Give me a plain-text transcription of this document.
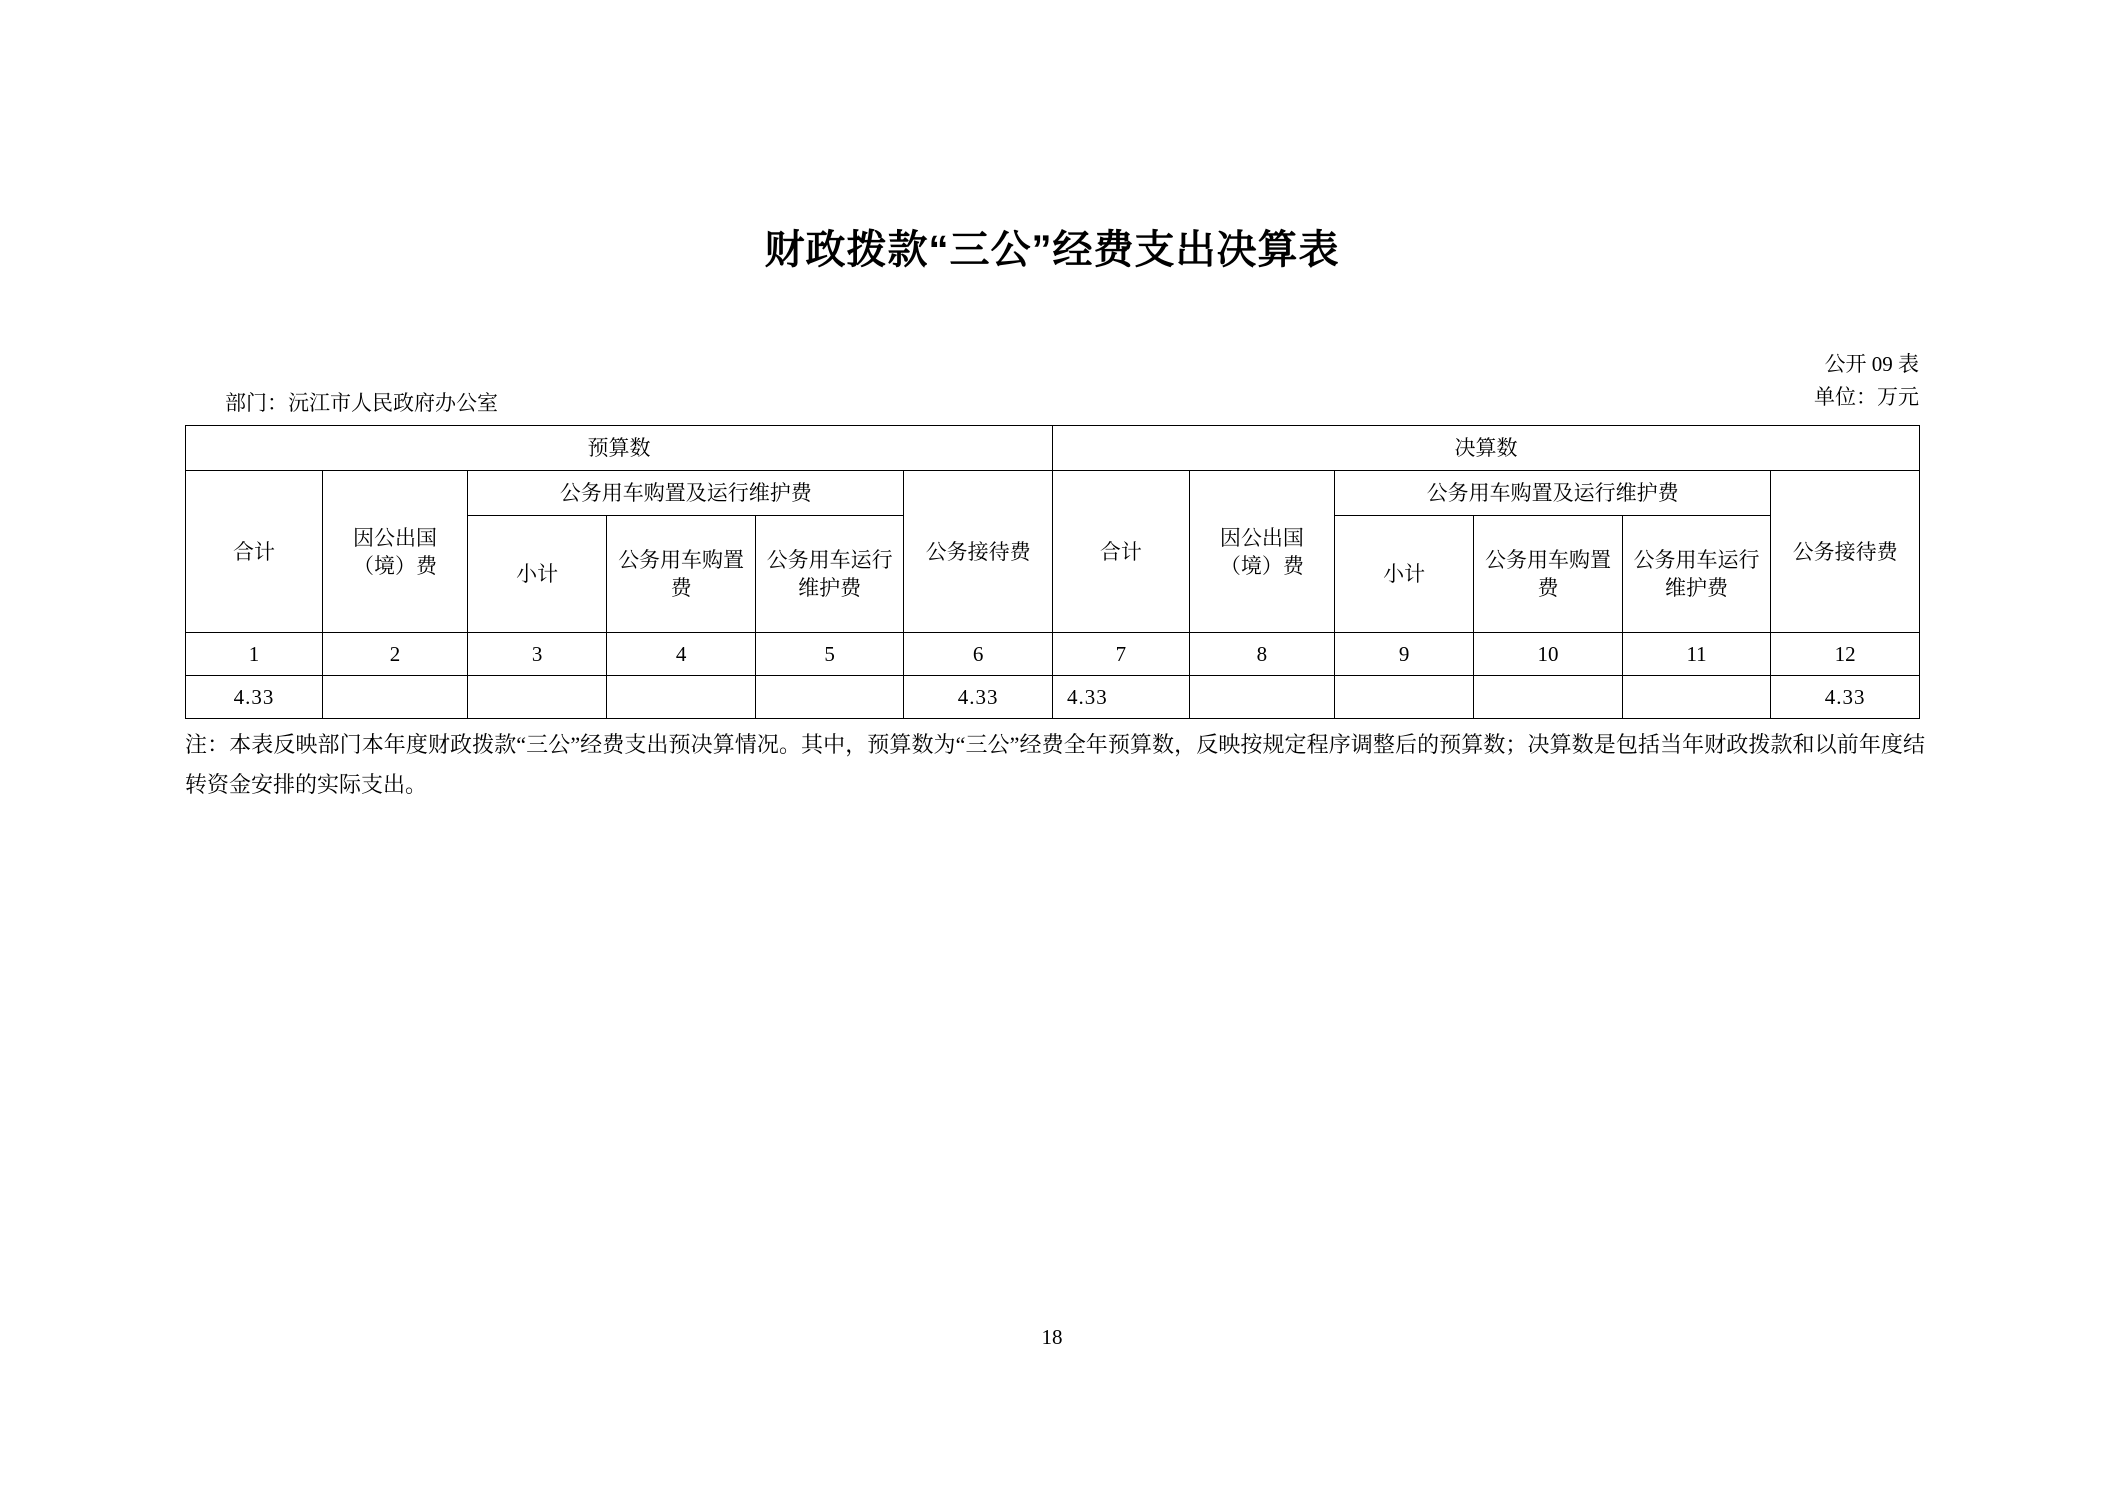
财政拨款“三公”经费支出决算表
公开 09 表
单位：万元
部门：沅江市人民政府办公室
预算数						决算数					
合计	因公出国（境）费	公务用车购置及运行维护费			公务接待费	合计	因公出国（境）费	公务用车购置及运行维护费			公务接待费
		小计	公务用车购置费	公务用车运行维护费				小计	公务用车购置费	公务用车运行维护费	
1	2	3	4	5	6	7	8	9	10	11	12
4.33					4.33	4.33					4.33
注：本表反映部门本年度财政拨款“三公”经费支出预决算情况。其中，预算数为“三公”经费全年预算数，反映按规定程序调整后的预算数；决算数是包括当年财政拨款和以前年度结转资金安排的实际支出。
18
